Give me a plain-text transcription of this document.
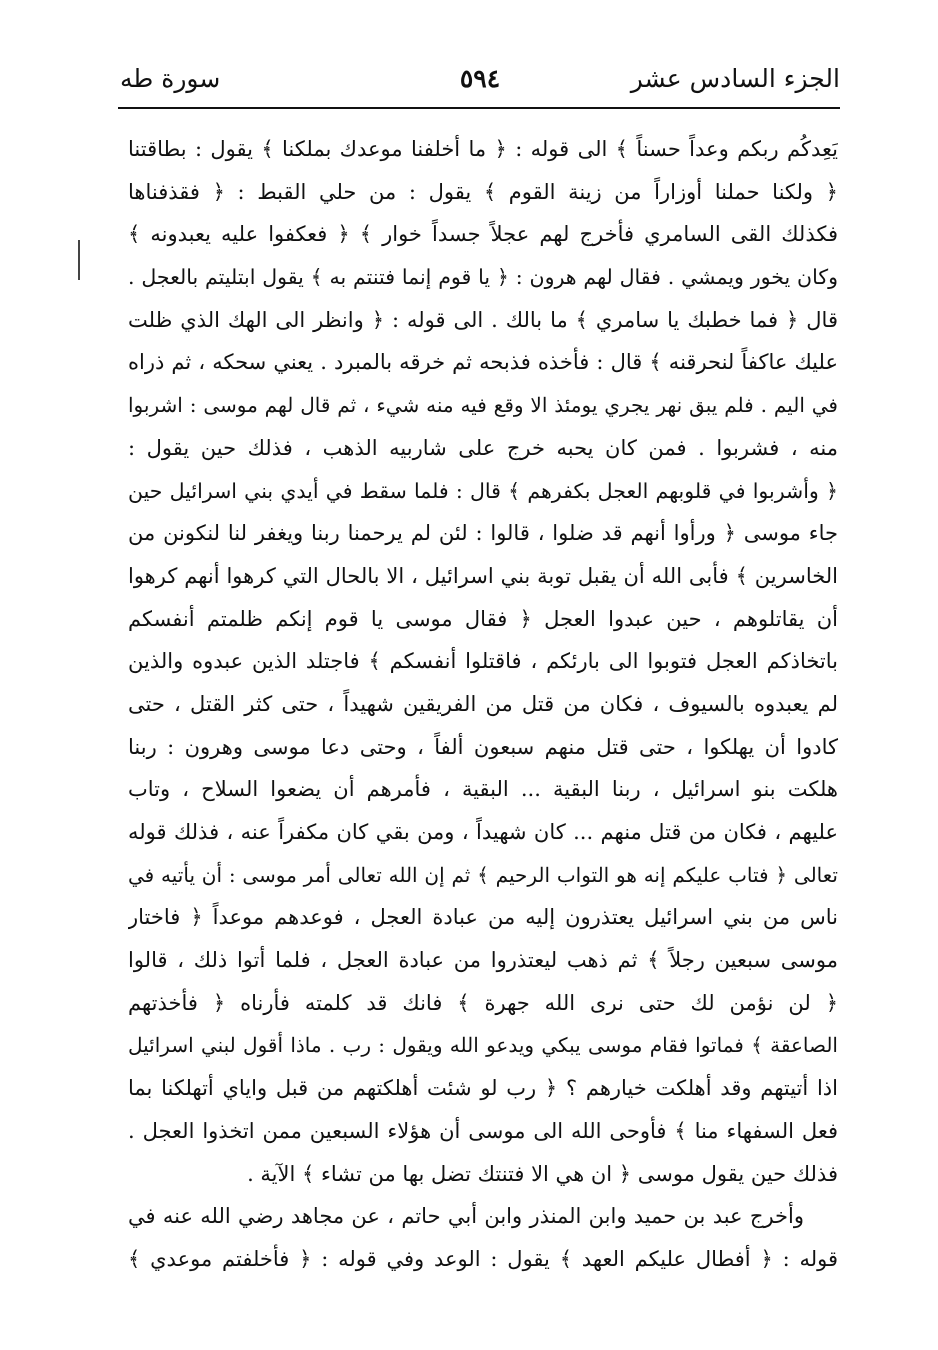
الجزء السادس عشر
٥٩٤
سورة طه
يَعِدكُم ربكم وعداً حسناً ﴾ الى قوله : ﴿ ما أخلفنا موعدك بملكنا ﴾ يقول : بطاقتنا
﴿ ولكنا حملنا أوزاراً من زينة القوم ﴾ يقول : من حلي القبط : ﴿ فقذفناها
فكذلك القى السامري فأخرج لهم عجلاً جسداً خوار ﴾ ﴿ فعكفوا عليه يعبدونه ﴾
وكان يخور ويمشي . فقال لهم هرون : ﴿ يا قوم إنما فتنتم به ﴾ يقول ابتليتم بالعجل .
قال ﴿ فما خطبك يا سامري ﴾ ما بالك . الى قوله : ﴿ وانظر الى الهك الذي ظلت
عليك عاكفاً لنحرقنه ﴾ قال : فأخذه فذبحه ثم خرقه بالمبرد . يعني سحكه ، ثم ذراه
في اليم . فلم يبق نهر يجري يومئذ الا وقع فيه منه شيء ، ثم قال لهم موسى : اشربوا
منه ، فشربوا . فمن كان يحبه خرج على شاربيه الذهب ، فذلك حين يقول :
﴿ وأشربوا في قلوبهم العجل بكفرهم ﴾ قال : فلما سقط في أيدي بني اسرائيل حين
جاء موسى ﴿ ورأوا أنهم قد ضلوا ، قالوا : لئن لم يرحمنا ربنا ويغفر لنا لنكونن من
الخاسرين ﴾ فأبى الله أن يقبل توبة بني اسرائيل ، الا بالحال التي كرهوا أنهم كرهوا
أن يقاتلوهم ، حين عبدوا العجل ﴿ فقال موسى يا قوم إنكم ظلمتم أنفسكم
باتخاذكم العجل فتوبوا الى بارئكم ، فاقتلوا أنفسكم ﴾ فاجتلد الذين عبدوه والذين
لم يعبدوه بالسيوف ، فكان من قتل من الفريقين شهيداً ، حتى كثر القتل ، حتى
كادوا أن يهلكوا ، حتى قتل منهم سبعون ألفاً ، وحتى دعا موسى وهرون : ربنا
هلكت بنو اسرائيل ، ربنا البقية ... البقية ، فأمرهم أن يضعوا السلاح ، وتاب
عليهم ، فكان من قتل منهم ... كان شهيداً ، ومن بقي كان مكفراً عنه ، فذلك قوله
تعالى ﴿ فتاب عليكم إنه هو التواب الرحيم ﴾ ثم إن الله تعالى أمر موسى : أن يأتيه في
ناس من بني اسرائيل يعتذرون إليه من عبادة العجل ، فوعدهم موعداً ﴿ فاختار
موسى سبعين رجلاً ﴾ ثم ذهب ليعتذروا من عبادة العجل ، فلما أتوا ذلك ، قالوا
﴿ لن نؤمن لك حتى نرى الله جهرة ﴾ فانك قد كلمته فأرناه ﴿ فأخذتهم
الصاعقة ﴾ فماتوا فقام موسى يبكي ويدعو الله ويقول : رب . ماذا أقول لبني اسرائيل
اذا أتيتهم وقد أهلكت خيارهم ؟ ﴿ رب لو شئت أهلكتهم من قبل واياي أتهلكنا بما
فعل السفهاء منا ﴾ فأوحى الله الى موسى أن هؤلاء السبعين ممن اتخذوا العجل .
فذلك حين يقول موسى ﴿ ان هي الا فتنتك تضل بها من تشاء ﴾ الآية .
وأخرج عبد بن حميد وابن المنذر وابن أبي حاتم ، عن مجاهد رضي الله عنه في
قوله : ﴿ أفطال عليكم العهد ﴾ يقول : الوعد وفي قوله : ﴿ فأخلفتم موعدي ﴾
